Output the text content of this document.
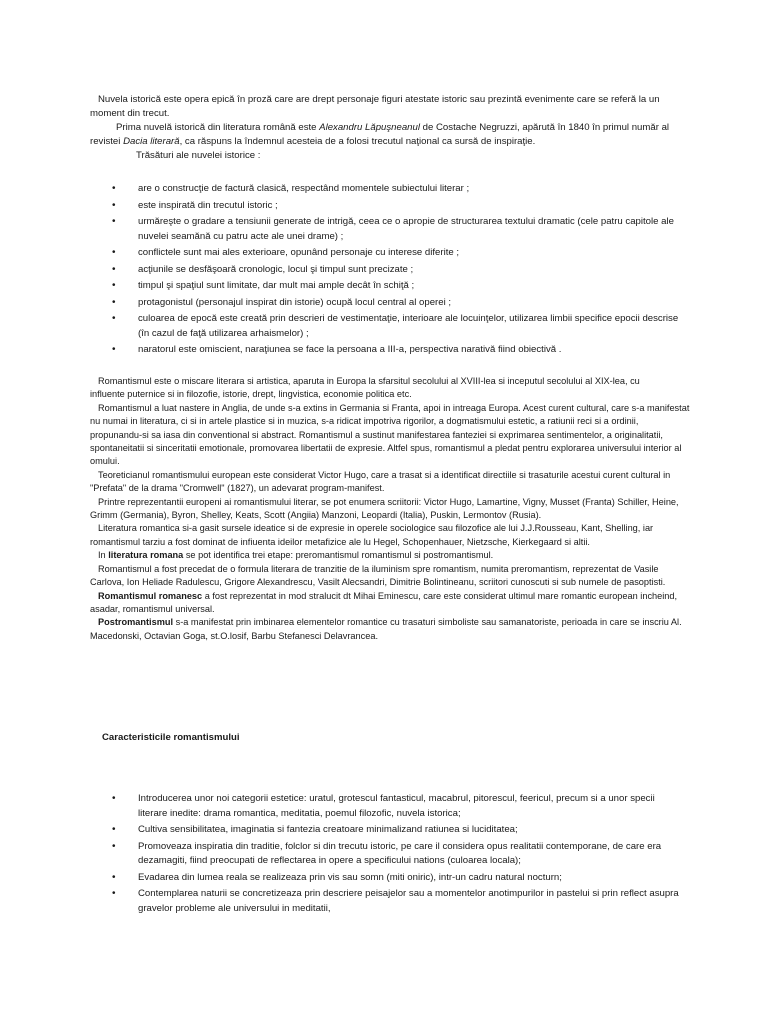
Nuvela istorică este opera epică în proză care are drept personaje figuri atestate istoric sau prezintă evenimente care se referă la un moment din trecut.

Prima nuvelă istorică din literatura română este Alexandru Lăpuşneanul de Costache Negruzzi, apărută în 1840 în primul număr al revistei Dacia literară, ca răspuns la îndemnul acesteia de a folosi trecutul naţional ca sursă de inspiraţie.

Trăsături ale nuvelei istorice :

• are o construcţie de factură clasică, respectând momentele subiectului literar ;
• este inspirată din trecutul istoric ;
• urmăreşte o gradare a tensiunii generate de intrigă, ceea ce o apropie de structurarea textului dramatic (cele patru capitole ale nuvelei seamănă cu patru acte ale unei drame) ;
• conflictele sunt mai ales exterioare, opunând personaje cu interese diferite ;
• acţiunile se desfăşoară cronologic, locul şi timpul sunt precizate ;
• timpul şi spaţiul sunt limitate, dar mult mai ample decât în schiţă ;
• protagonistul (personajul inspirat din istorie) ocupă locul central al operei ;
• culoarea de epocă este creată prin descrieri de vestimentaţie, interioare ale locuinţelor, utilizarea limbii specifice epocii descrise (în cazul de faţă utilizarea arhaismelor) ;
• naratorul este omiscient, naraţiunea se face la persoana a III-a, perspectiva narativă fiind obiectivă .

Romantismul este o miscare literara si artistica, aparuta in Europa la sfarsitul secolului al XVIII-lea si inceputul secolului al XIX-lea, cu

influente puternice si in filozofie, istorie, drept, lingvistica, economie politica etc.

Romantismul a luat nastere in Anglia, de unde s-a extins in Germania si Franta, apoi in intreaga Europa. Acest curent cultural, care s-a manifestat nu numai in literatura, ci si in artele plastice si in muzica, s-a ridicat impotriva rigorilor, a dogmatismului estetic, a ratiunii reci si a ordinii, propunandu-si sa iasa din conventional si abstract. Romantismul a sustinut manifestarea fanteziei si exprimarea sentimentelor, a originalitatii, spontaneitatii si sinceritatii emotionale, promovarea libertatii de expresie. Altfel spus, romantismul a pledat pentru explorarea universului interior al omului.

Teoreticianul romantismului european este considerat Victor Hugo, care a trasat si a identificat directiile si trasaturile acestui curent cultural in "Prefata" de la drama "Cromwell" (1827), un adevarat program-manifest.

Printre reprezentantii europeni ai romantismului literar, se pot enumera scriitorii: Victor Hugo, Lamartine, Vigny, Musset (Franta) Schiller, Heine, Grimm (Germania), Byron, Shelley, Keats, Scott (Angiia) Manzoni, Leopardi (Italia), Puskin, Lermontov (Rusia).

Literatura romantica si-a gasit sursele ideatice si de expresie in operele sociologice sau filozofice ale lui J.J.Rousseau, Kant, Shelling, iar romantismul tarziu a fost dominat de infiuenta ideilor metafizice ale lu Hegel, Schopenhauer, Nietzsche, Kierkegaard si altii.

In literatura romana se pot identifica trei etape: preromantismul romantismul si postromantismul.

Romantismul a fost precedat de o formula literara de tranzitie de la iluminism spre romantism, numita preromantism, reprezentat de Vasile Carlova, Ion Heliade Radulescu, Grigore Alexandrescu, Vasilt Alecsandri, Dimitrie Bolintineanu, scriitori cunoscuti si sub numele de pasoptisti.

Romantismul romanesc a fost reprezentat in mod stralucit dt Mihai Eminescu, care este considerat ultimul mare romantic european incheind, asadar, romantismul universal.

Postromantismul s-a manifestat prin imbinarea elementelor romantice cu trasaturi simboliste sau samanatoriste, perioada in care se inscriu Al. Macedonski, Octavian Goga, st.O.losif, Barbu Stefanesci Delavrancea.

Caracteristicile romantismului
• Introducerea unor noi categorii estetice: uratul, grotescul fantasticul, macabrul, pitorescul, feericul, precum si a unor specii literare inedite: drama romantica, meditatia, poemul filozofic, nuvela istorica;
• Cultiva sensibilitatea, imaginatia si fantezia creatoare minimalizand ratiunea si luciditatea;
• Promoveaza inspiratia din traditie, folclor si din trecutu istoric, pe care il considera opus realitatii contemporane, de care era dezamagiti, fiind preocupati de reflectarea in opere a specificului nations (culoarea locala);
• Evadarea din lumea reala se realizeaza prin vis sau somn (miti oniric), intr-un cadru natural nocturn;
• Contemplarea naturii se concretizeaza prin descriere peisajelor sau a momentelor anotimpurilor in pastelui si prin reflect asupra gravelor probleme ale universului in meditatii,
